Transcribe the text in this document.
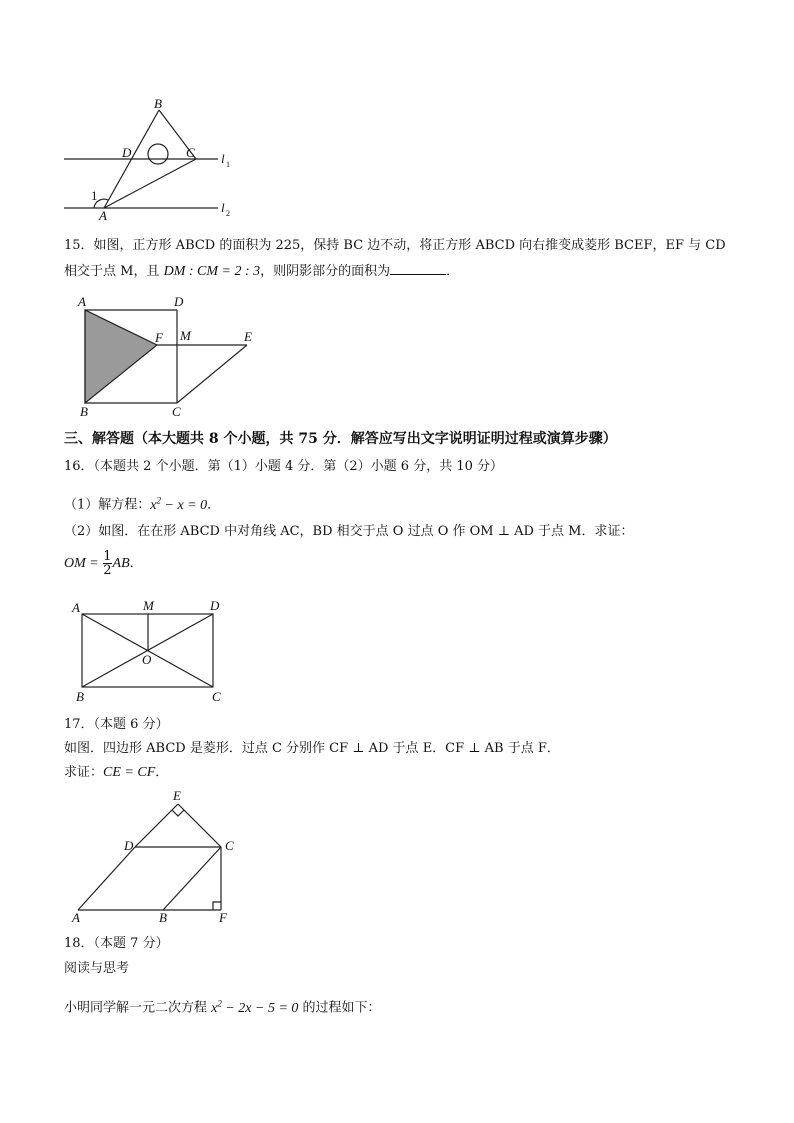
B
D	C
A
1
l 1
l 2
15．如图，正方形 ABCD 的面积为 225，保持 BC 边不动，将正方形 ABCD 向右推变成菱形 BCEF，EF 与 CD
相交于点 M，且 DM : CM = 2 : 3，则阴影部分的面积为	．
A	D
F M	E
B	C
三、解答题（本大题共 8 个小题，共 75 分．解答应写出文字说明证明过程或演算步骤）
16．（本题共 2 个小题．第（1）小题 4 分．第（2）小题 6 分，共 10 分）
（1）解方程：$x^2 - x = 0$．
（2）如图．在在形 ABCD 中对角线 AC，BD 相交于点 O 过点 O 作 OM ⊥ AD 于点 M．求证：
OM = $\frac{1}{2}$ AB．
A	M	D
O
B	C
17．（本题 6 分）
如图．四边形 ABCD 是菱形．过点 C 分别作 CF ⊥ AD 于点 E．CF ⊥ AB 于点 F．
求证：CE = CF．
E
D	C
A	B	F
18．（本题 7 分）
阅读与思考
小明同学解一元二次方程 $x^2 - 2x - 5 = 0$ 的过程如下：
